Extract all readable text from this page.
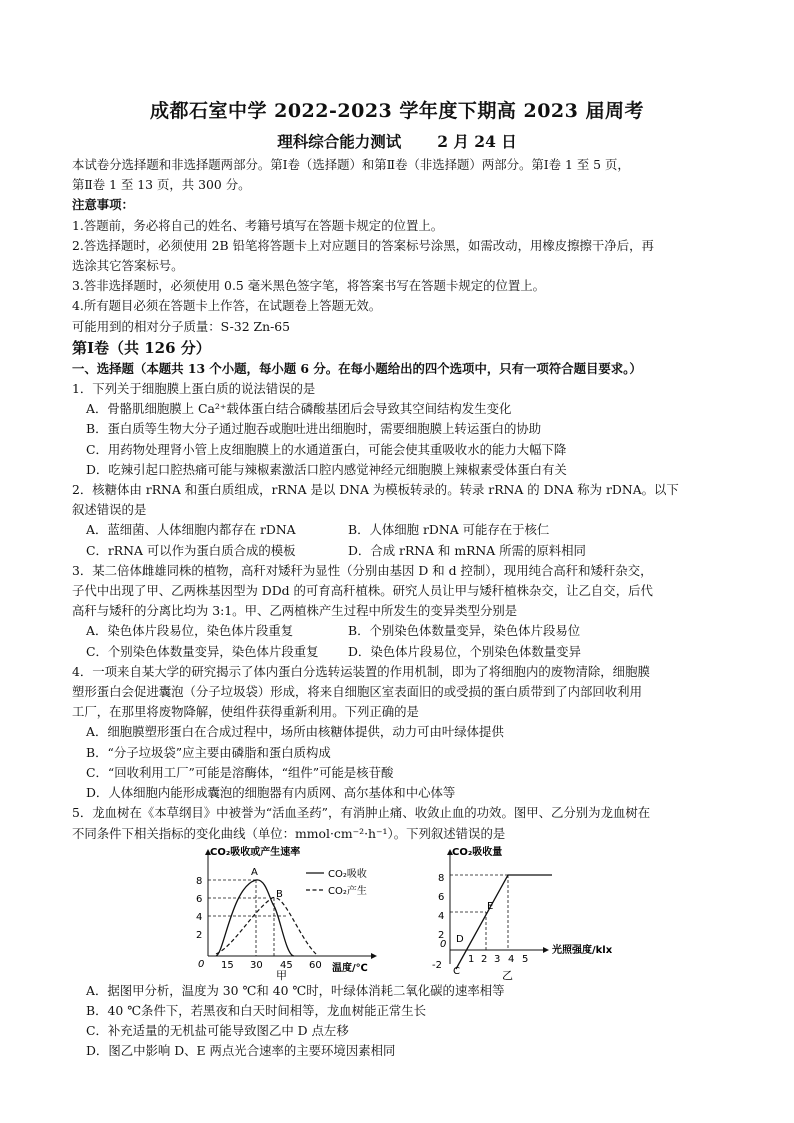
成都石室中学 2022-2023 学年度下期高 2023 届周考
理科综合能力测试 2 月 24 日

本试卷分选择题和非选择题两部分。第Ⅰ卷（选择题）和第Ⅱ卷（非选择题）两部分。第Ⅰ卷 1 至 5 页，

第Ⅱ卷 1 至 13 页，共 300 分。

注意事项：

1.答题前，务必将自己的姓名、考籍号填写在答题卡规定的位置上。

2.答选择题时，必须使用 2B 铅笔将答题卡上对应题目的答案标号涂黑，如需改动，用橡皮擦擦干净后，再

选涂其它答案标号。

3.答非选择题时，必须使用 0.5 毫米黑色签字笔，将答案书写在答题卡规定的位置上。

4.所有题目必须在答题卡上作答，在试题卷上答题无效。

可能用到的相对分子质量：S-32 Zn-65

第Ⅰ卷（共 126 分）

一、选择题（本题共 13 个小题，每小题 6 分。在每小题给出的四个选项中，只有一项符合题目要求。）

1．下列关于细胞膜上蛋白质的说法错误的是

A．骨骼肌细胞膜上 Ca²⁺载体蛋白结合磷酸基团后会导致其空间结构发生变化

B．蛋白质等生物大分子通过胞吞或胞吐进出细胞时，需要细胞膜上转运蛋白的协助

C．用药物处理肾小管上皮细胞膜上的水通道蛋白，可能会使其重吸收水的能力大幅下降

D．吃辣引起口腔热痛可能与辣椒素激活口腔内感觉神经元细胞膜上辣椒素受体蛋白有关

2．核糖体由 rRNA 和蛋白质组成，rRNA 是以 DNA 为模板转录的。转录 rRNA 的 DNA 称为 rDNA。以下

叙述错误的是

A．蓝细菌、人体细胞内都存在 rDNA	B．人体细胞 rDNA 可能存在于核仁

C．rRNA 可以作为蛋白质合成的模板	D．合成 rRNA 和 mRNA 所需的原料相同

3．某二倍体雌雄同株的植物，高秆对矮秆为显性（分别由基因 D 和 d 控制），现用纯合高秆和矮秆杂交，

子代中出现了甲、乙两株基因型为 DDd 的可育高秆植株。研究人员让甲与矮秆植株杂交，让乙自交，后代

高秆与矮秆的分离比均为 3:1。甲、乙两植株产生过程中所发生的变异类型分别是

A．染色体片段易位，染色体片段重复	B．个别染色体数量变异，染色体片段易位

C．个别染色体数量变异，染色体片段重复 D．染色体片段易位，个别染色体数量变异

4．一项来自某大学的研究揭示了体内蛋白分选转运装置的作用机制，即为了将细胞内的废物清除，细胞膜

塑形蛋白会促进囊泡（分子垃圾袋）形成，将来自细胞区室表面旧的或受损的蛋白质带到了内部回收利用

工厂，在那里将废物降解，使组件获得重新利用。下列正确的是

A．细胞膜塑形蛋白在合成过程中，场所由核糖体提供，动力可由叶绿体提供

B．“分子垃圾袋”应主要由磷脂和蛋白质构成

C．“回收利用工厂”可能是溶酶体，“组件”可能是核苷酸

D．人体细胞内能形成囊泡的细胞器有内质网、高尔基体和中心体等

5．龙血树在《本草纲目》中被誉为“活血圣药”，有消肿止痛、收敛止血的功效。图甲、乙分别为龙血树在

不同条件下相关指标的变化曲线（单位：mmol·cm⁻²·h⁻¹）。下列叙述错误的是

CO₂吸收或产生速率
温度/℃
0
8
6
4
2
15 30 45 60
A
B
CO₂吸收
CO₂产生
甲
CO₂吸收量
光照强度/klx
0
8
6
4
2
-2
1 2 3 4 5
C
D
E
乙

A．据图甲分析，温度为 30 ℃和 40 ℃时，叶绿体消耗二氧化碳的速率相等

B．40 ℃条件下，若黑夜和白天时间相等，龙血树能正常生长

C．补充适量的无机盐可能导致图乙中 D 点左移

D．图乙中影响 D、E 两点光合速率的主要环境因素相同
